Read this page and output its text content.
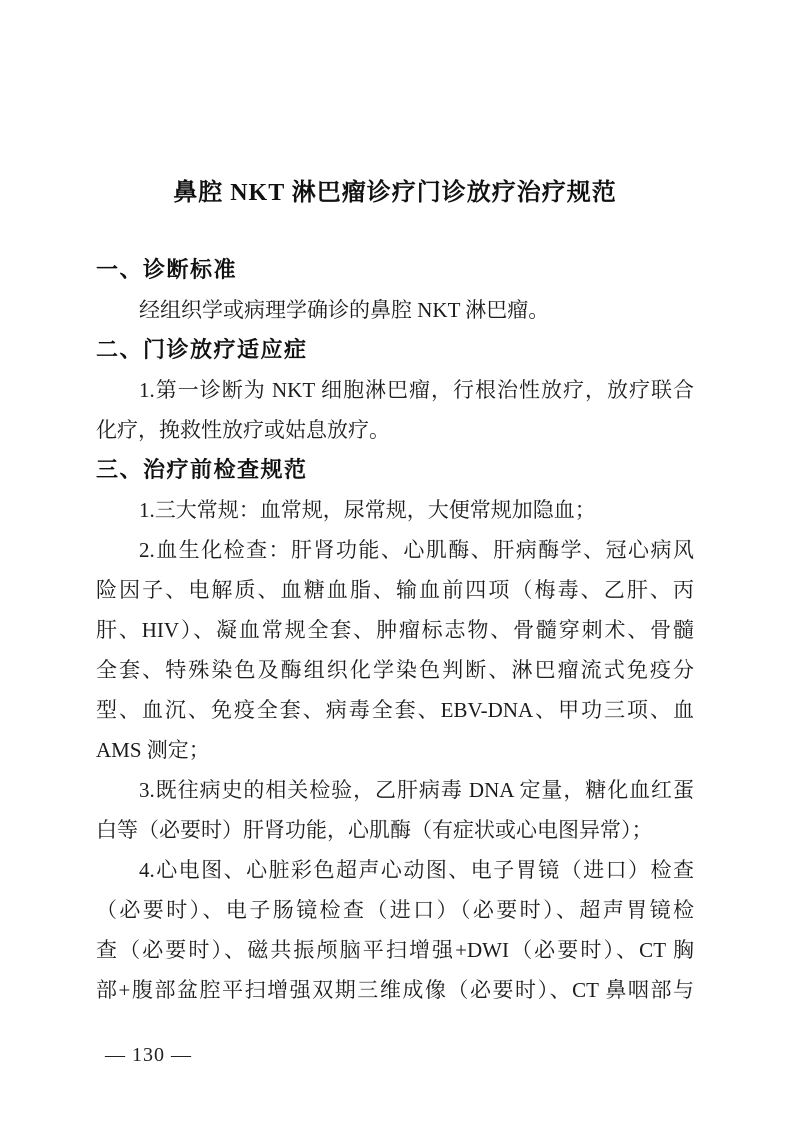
鼻腔 NKT 淋巴瘤诊疗门诊放疗治疗规范
一、诊断标准
经组织学或病理学确诊的鼻腔 NKT 淋巴瘤。
二、门诊放疗适应症
1.第一诊断为 NKT 细胞淋巴瘤，行根治性放疗，放疗联合
化疗，挽救性放疗或姑息放疗。
三、治疗前检查规范
1.三大常规：血常规，尿常规，大便常规加隐血；
2.血生化检查：肝肾功能、心肌酶、肝病酶学、冠心病风
险因子、电解质、血糖血脂、输血前四项（梅毒、乙肝、丙
肝、HIV）、凝血常规全套、肿瘤标志物、骨髓穿刺术、骨髓
全套、特殊染色及酶组织化学染色判断、淋巴瘤流式免疫分
型、血沉、免疫全套、病毒全套、EBV-DNA、甲功三项、血
AMS 测定；
3.既往病史的相关检验，乙肝病毒 DNA 定量，糖化血红蛋
白等（必要时）肝肾功能，心肌酶（有症状或心电图异常）；
4.心电图、心脏彩色超声心动图、电子胃镜（进口）检查
（必要时）、电子肠镜检查（进口）（必要时）、超声胃镜检
查（必要时）、磁共振颅脑平扫增强+DWI（必要时）、CT 胸
部+腹部盆腔平扫增强双期三维成像（必要时）、CT 鼻咽部与
— 130 —
